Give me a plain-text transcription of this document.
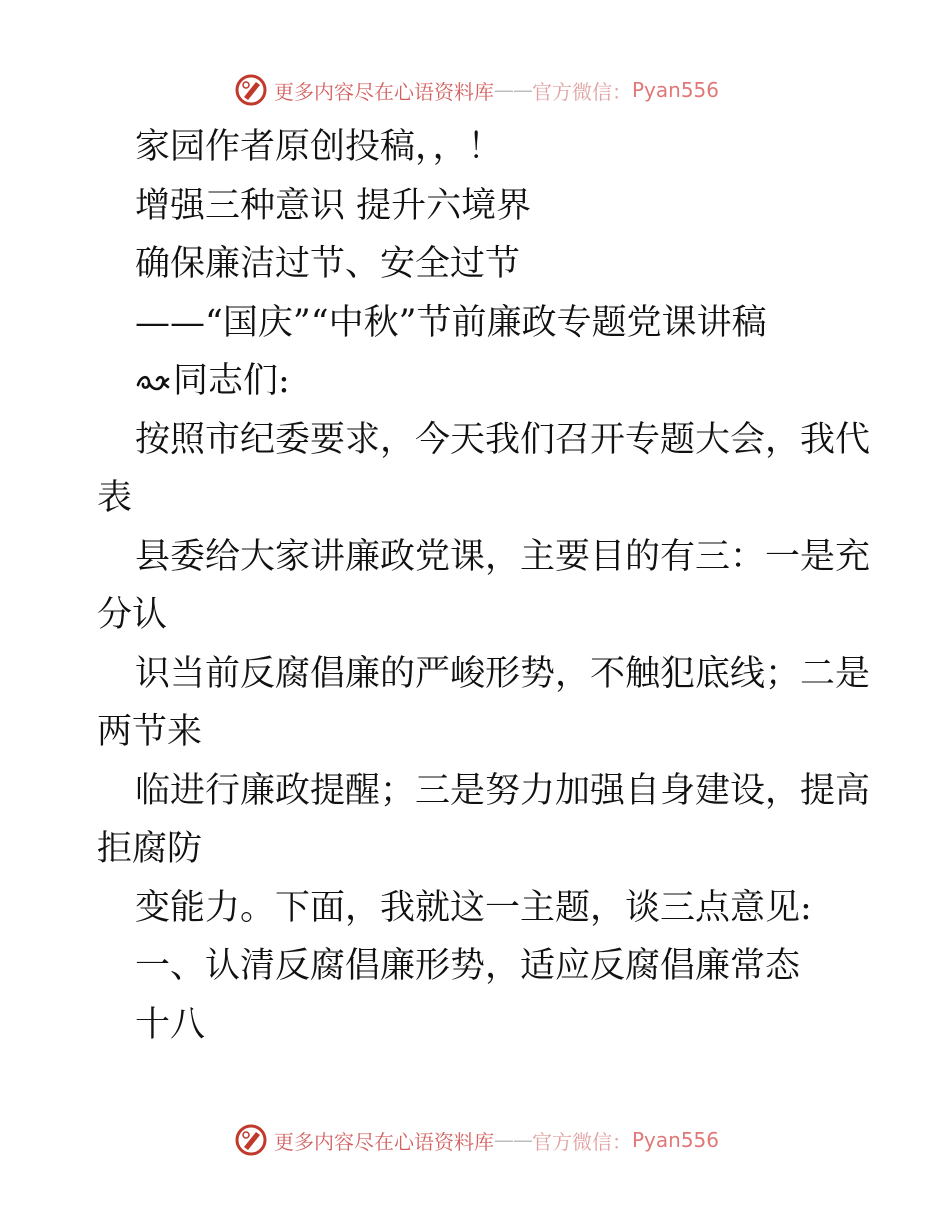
更多内容尽在心语资料库 —— 官方微信： Pyan556
家园作者原创投稿，，！
增强三种意识 提升六境界
确保廉洁过节、安全过节
——“国庆”“中秋”节前廉政专题党课讲稿
同志们:
按照市纪委要求，今天我们召开专题大会，我代
表
县委给大家讲廉政党课，主要目的有三：一是充
分认
识当前反腐倡廉的严峻形势，不触犯底线；二是
两节来
临进行廉政提醒；三是努力加强自身建设，提高
拒腐防
变能力。下面，我就这一主题，谈三点意见:
一、认清反腐倡廉形势，适应反腐倡廉常态
十八
更多内容尽在心语资料库 —— 官方微信： Pyan556
